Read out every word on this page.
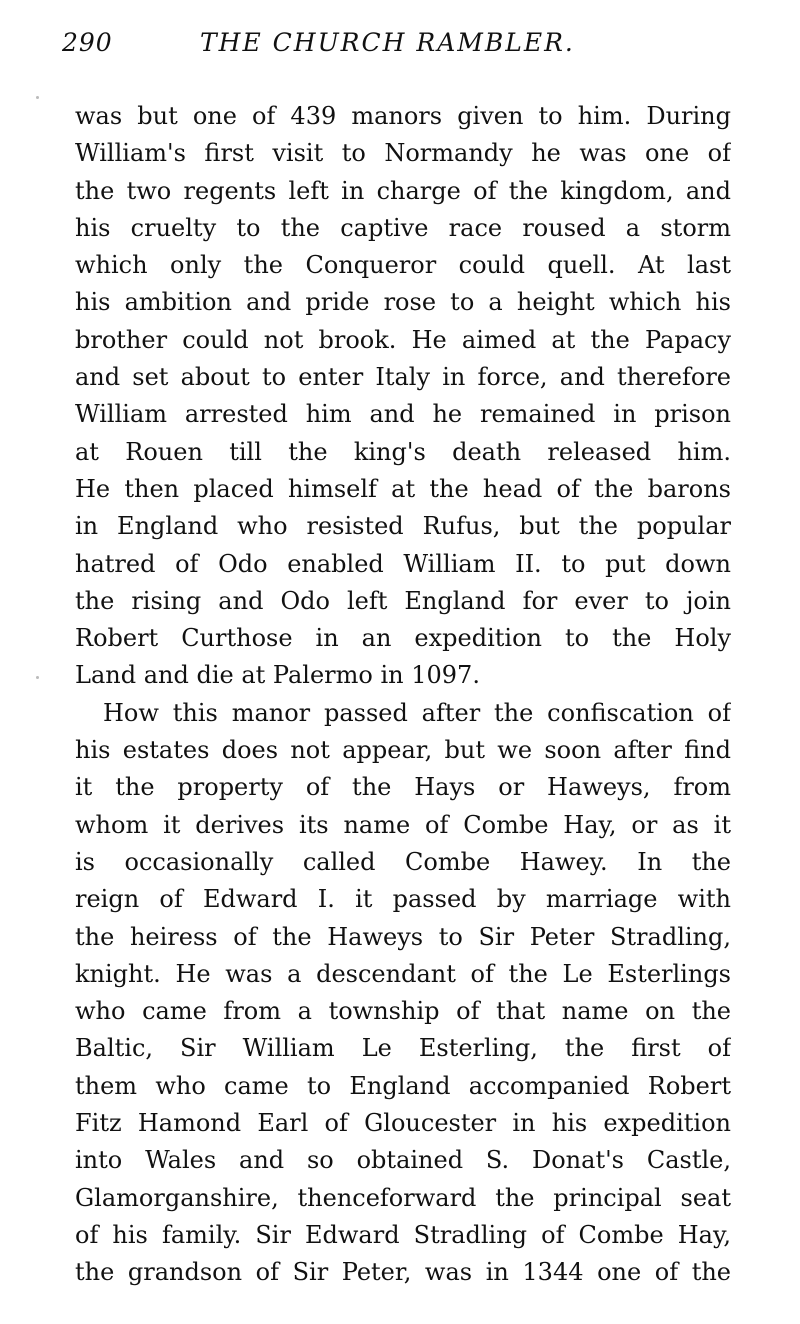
290	THE CHURCH RAMBLER.
was but one of 439 manors given to him. During
William's first visit to Normandy he was one of
the two regents left in charge of the kingdom, and
his cruelty to the captive race roused a storm
which only the Conqueror could quell. At last
his ambition and pride rose to a height which his
brother could not brook. He aimed at the Papacy
and set about to enter Italy in force, and therefore
William arrested him and he remained in prison
at Rouen till the king's death released him.
He then placed himself at the head of the barons
in England who resisted Rufus, but the popular
hatred of Odo enabled William II. to put down
the rising and Odo left England for ever to join
Robert Curthose in an expedition to the Holy
Land and die at Palermo in 1097.
How this manor passed after the confiscation of
his estates does not appear, but we soon after find
it the property of the Hays or Haweys, from
whom it derives its name of Combe Hay, or as it
is occasionally called Combe Hawey. In the
reign of Edward I. it passed by marriage with
the heiress of the Haweys to Sir Peter Stradling,
knight. He was a descendant of the Le Esterlings
who came from a township of that name on the
Baltic, Sir William Le Esterling, the first of
them who came to England accompanied Robert
Fitz Hamond Earl of Gloucester in his expedition
into Wales and so obtained S. Donat's Castle,
Glamorganshire, thenceforward the principal seat
of his family. Sir Edward Stradling of Combe Hay,
the grandson of Sir Peter, was in 1344 one of the
